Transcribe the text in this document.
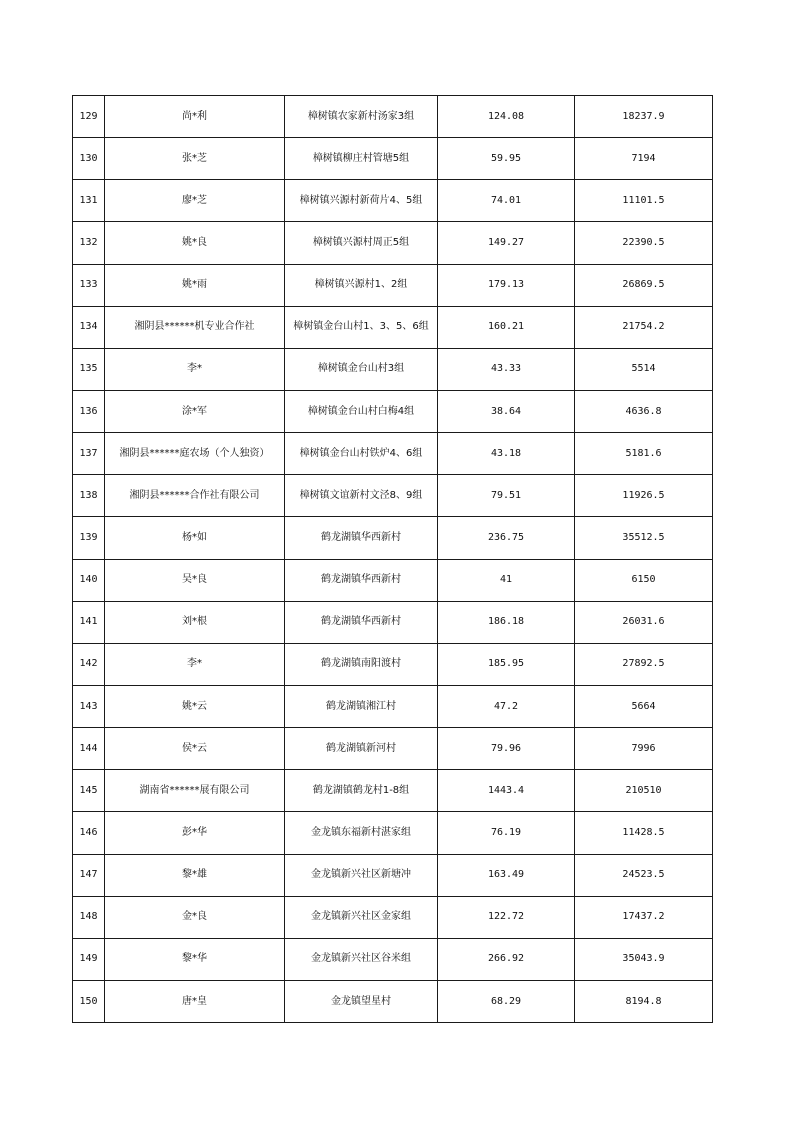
129	尚*利	樟树镇农家新村汤家3组	124.08	18237.9
130	张*芝	樟树镇柳庄村管塘5组	59.95	7194
131	廖*芝	樟树镇兴源村新荷片4、5组	74.01	11101.5
132	姚*良	樟树镇兴源村周正5组	149.27	22390.5
133	姚*雨	樟树镇兴源村1、2组	179.13	26869.5
134	湘阴县******机专业合作社	樟树镇金台山村1、3、5、6组	160.21	21754.2
135	李*	樟树镇金台山村3组	43.33	5514
136	涂*军	樟树镇金台山村白梅4组	38.64	4636.8
137	湘阴县******庭农场（个人独资）	樟树镇金台山村铁炉4、6组	43.18	5181.6
138	湘阴县******合作社有限公司	樟树镇文谊新村文泾8、9组	79.51	11926.5
139	杨*如	鹤龙湖镇华西新村	236.75	35512.5
140	吴*良	鹤龙湖镇华西新村	41	6150
141	刘*根	鹤龙湖镇华西新村	186.18	26031.6
142	李*	鹤龙湖镇南阳渡村	185.95	27892.5
143	姚*云	鹤龙湖镇湘江村	47.2	5664
144	侯*云	鹤龙湖镇新河村	79.96	7996
145	湖南省******展有限公司	鹤龙湖镇鹤龙村1-8组	1443.4	210510
146	彭*华	金龙镇东福新村湛家组	76.19	11428.5
147	黎*雄	金龙镇新兴社区新塘冲	163.49	24523.5
148	金*良	金龙镇新兴社区金家组	122.72	17437.2
149	黎*华	金龙镇新兴社区谷米组	266.92	35043.9
150	唐*皇	金龙镇望星村	68.29	8194.8
